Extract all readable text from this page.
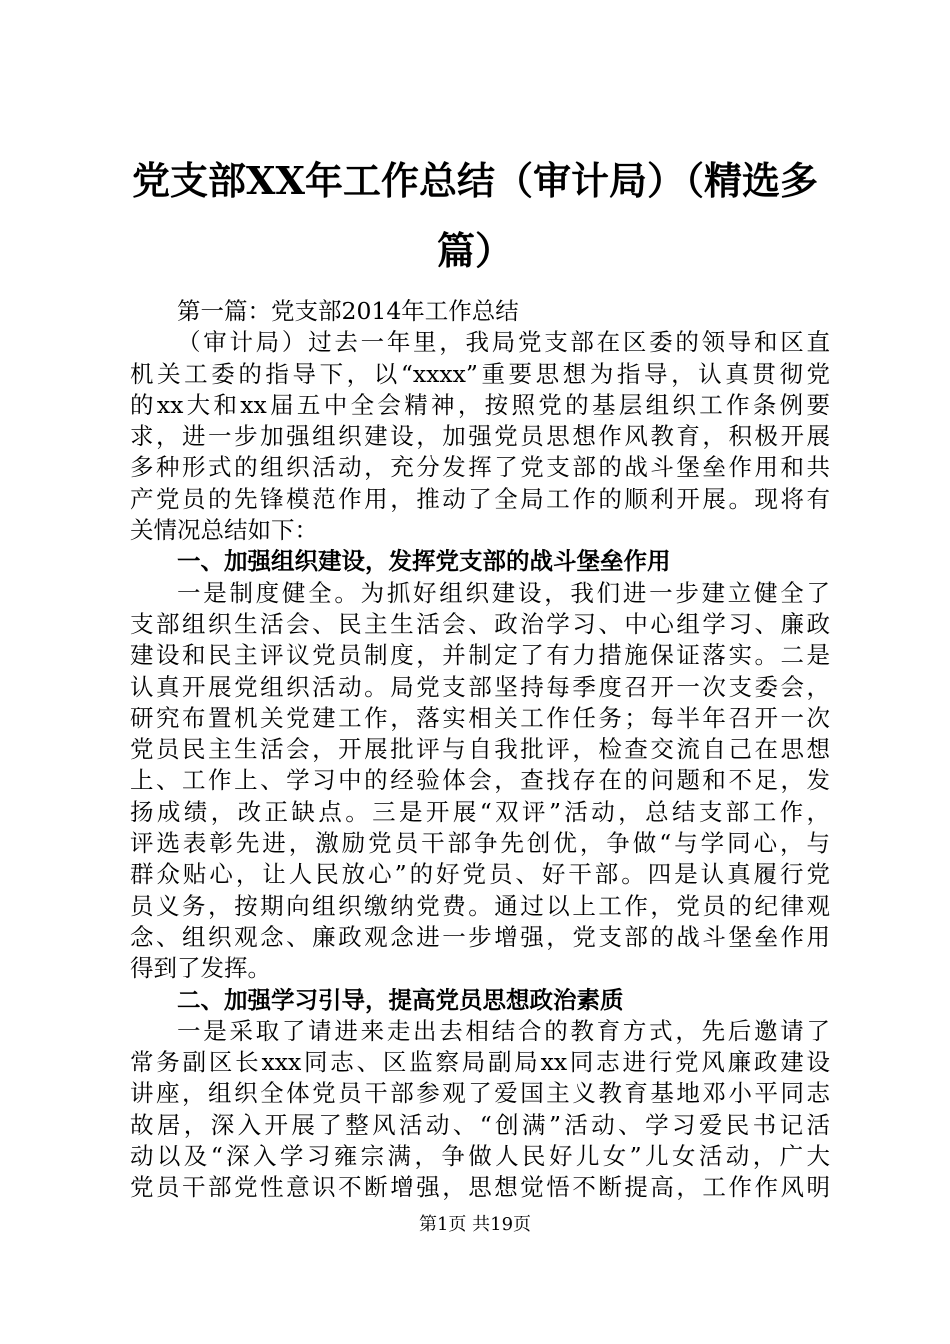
党支部XX年工作总结（审计局）（精选多
篇）
第一篇：党支部2014年工作总结
（审计局）过去一年里，我局党支部在区委的领导和区直
机关工委的指导下，以“xxxx”重要思想为指导，认真贯彻党
的xx大和xx届五中全会精神，按照党的基层组织工作条例要
求，进一步加强组织建设，加强党员思想作风教育，积极开展
多种形式的组织活动，充分发挥了党支部的战斗堡垒作用和共
产党员的先锋模范作用，推动了全局工作的顺利开展。现将有
关情况总结如下：
一、加强组织建设，发挥党支部的战斗堡垒作用
一是制度健全。为抓好组织建设，我们进一步建立健全了
支部组织生活会、民主生活会、政治学习、中心组学习、廉政
建设和民主评议党员制度，并制定了有力措施保证落实。二是
认真开展党组织活动。局党支部坚持每季度召开一次支委会，
研究布置机关党建工作，落实相关工作任务；每半年召开一次
党员民主生活会，开展批评与自我批评，检查交流自己在思想
上、工作上、学习中的经验体会，查找存在的问题和不足，发
扬成绩，改正缺点。三是开展“双评”活动，总结支部工作，
评选表彰先进，激励党员干部争先创优，争做“与学同心，与
群众贴心，让人民放心”的好党员、好干部。四是认真履行党
员义务，按期向组织缴纳党费。通过以上工作，党员的纪律观
念、组织观念、廉政观念进一步增强，党支部的战斗堡垒作用
得到了发挥。
二、加强学习引导，提高党员思想政治素质
一是采取了请进来走出去相结合的教育方式，先后邀请了
常务副区长xxx同志、区监察局副局xx同志进行党风廉政建设
讲座，组织全体党员干部参观了爱国主义教育基地邓小平同志
故居，深入开展了整风活动、“创满”活动、学习爱民书记活
动以及“深入学习雍宗满，争做人民好儿女”儿女活动，广大
党员干部党性意识不断增强，思想觉悟不断提高，工作作风明
第1页 共19页
